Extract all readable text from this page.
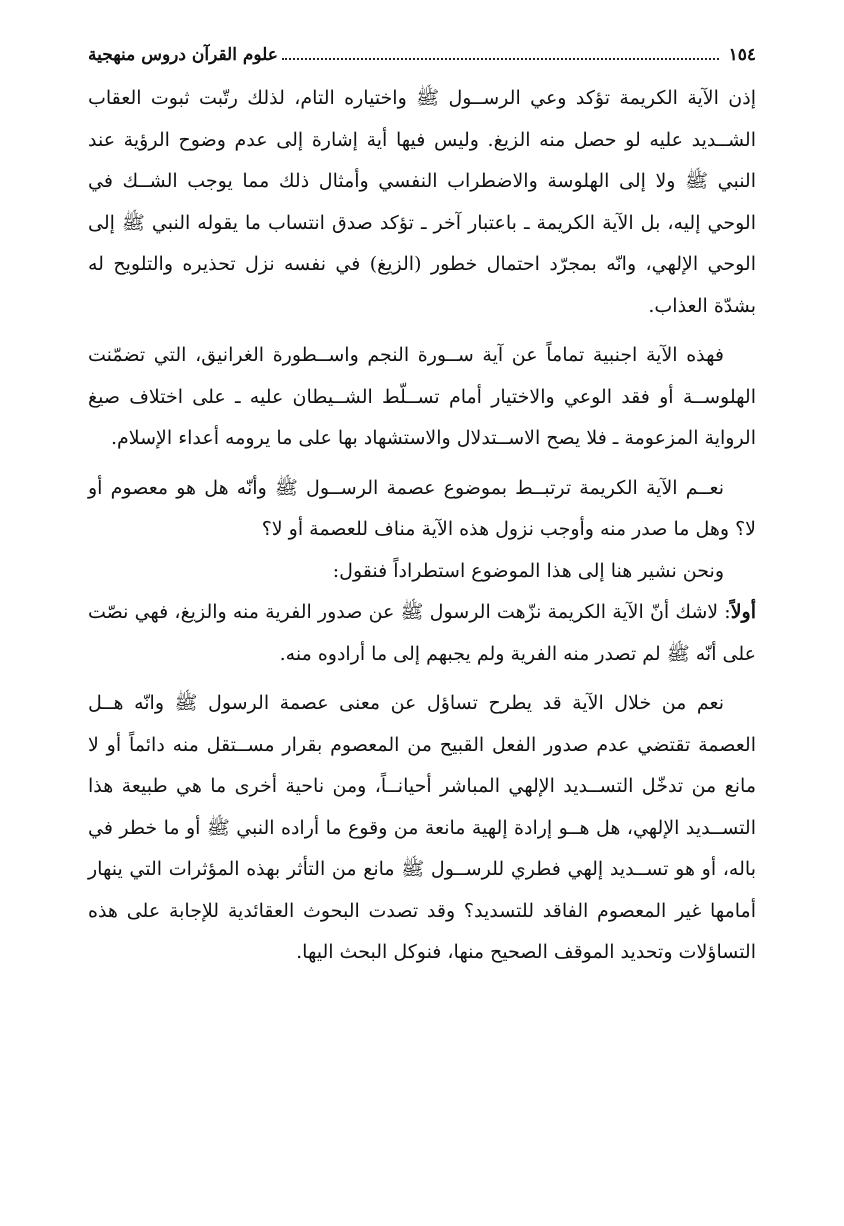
١٥٤
علوم القرآن دروس منهجية

إذن الآية الكريمة تؤكد وعي الرســول ﷺ واختياره التام، لذلك رتّبت ثبوت العقاب الشــديد عليه لو حصل منه الزيغ. وليس فيها أية إشارة إلى عدم وضوح الرؤية عند النبي ﷺ ولا إلى الهلوسة والاضطراب النفسي وأمثال ذلك مما يوجب الشــك في الوحي إليه، بل الآية الكريمة ـ باعتبار آخر ـ تؤكد صدق انتساب ما يقوله النبي ﷺ إلى الوحي الإلهي، وانّه بمجرّد احتمال خطور (الزيغ) في نفسه نزل تحذيره والتلويح له بشدّة العذاب.

فهذه الآية اجنبية تماماً عن آية ســورة النجم واســطورة الغرانيق، التي تضمّنت الهلوســة أو فقد الوعي والاختيار أمام تســلّط الشــيطان عليه ـ على اختلاف صيغ الرواية المزعومة ـ فلا يصح الاســتدلال والاستشهاد بها على ما يرومه أعداء الإسلام.

نعــم الآية الكريمة ترتبــط بموضوع عصمة الرســول ﷺ وأنّه هل هو معصوم أو لا؟ وهل ما صدر منه وأوجب نزول هذه الآية مناف للعصمة أو لا؟

ونحن نشير هنا إلى هذا الموضوع استطراداً فنقول:

أولاً: لاشك أنّ الآية الكريمة نزّهت الرسول ﷺ عن صدور الفرية منه والزيغ، فهي نصّت على أنّه ﷺ لم تصدر منه الفرية ولم يجبهم إلى ما أرادوه منه.

نعم من خلال الآية قد يطرح تساؤل عن معنى عصمة الرسول ﷺ وانّه هــل العصمة تقتضي عدم صدور الفعل القبيح من المعصوم بقرار مســتقل منه دائماً أو لا مانع من تدخّل التســديد الإلهي المباشر أحيانــاً، ومن ناحية أخرى ما هي طبيعة هذا التســديد الإلهي، هل هــو إرادة إلهية مانعة من وقوع ما أراده النبي ﷺ أو ما خطر في باله، أو هو تســديد إلهي فطري للرســول ﷺ مانع من التأثر بهذه المؤثرات التي ينهار أمامها غير المعصوم الفاقد للتسديد؟ وقد تصدت البحوث العقائدية للإجابة على هذه التساؤلات وتحديد الموقف الصحيح منها، فنوكل البحث اليها.
